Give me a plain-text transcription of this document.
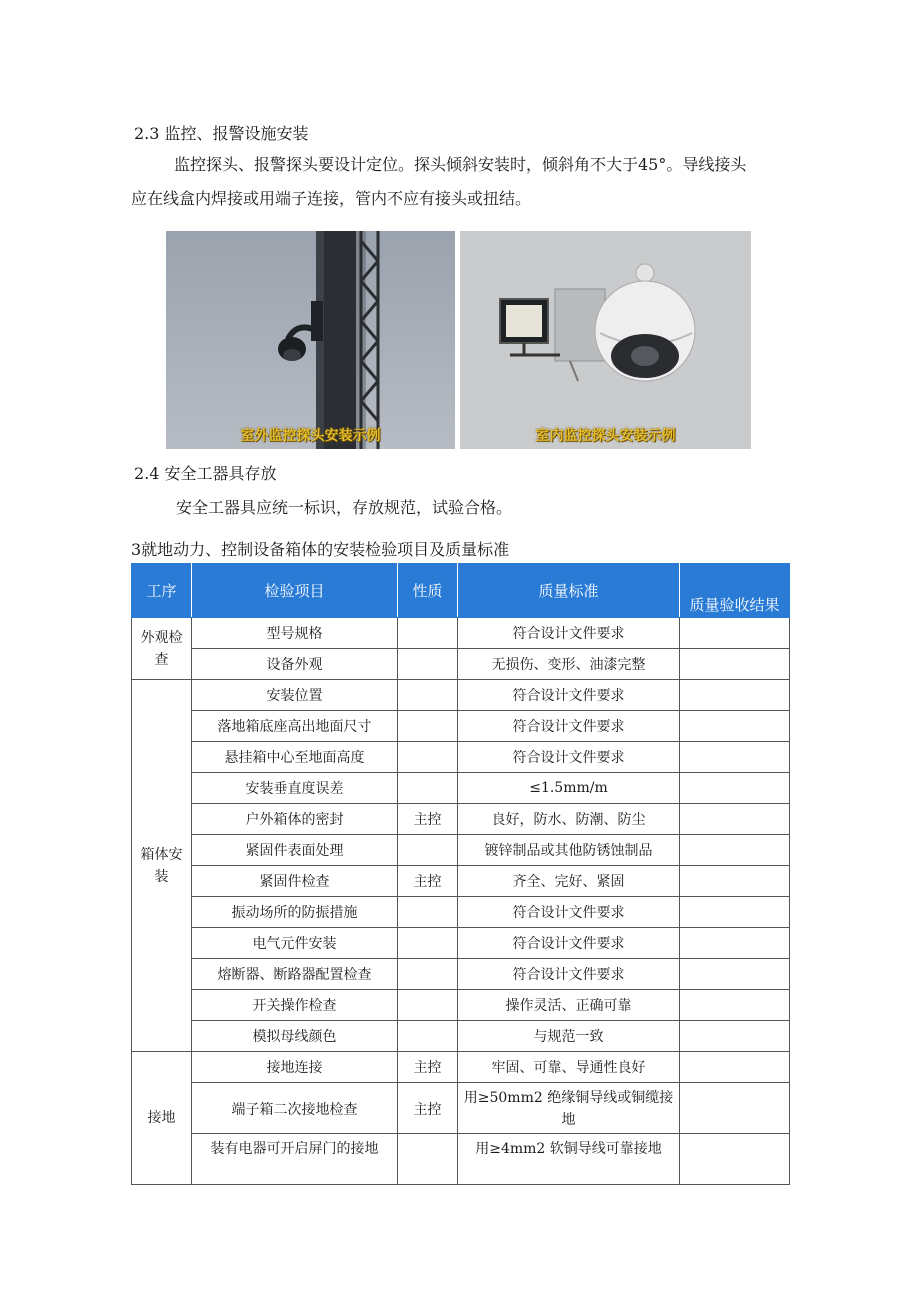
2.3 监控、报警设施安装
监控探头、报警探头要设计定位。探头倾斜安装时，倾斜角不大于45°。导线接头
应在线盒内焊接或用端子连接，管内不应有接头或扭结。
室外监控探头安装示例	室内监控探头安装示例
2.4 安全工器具存放
安全工器具应统一标识，存放规范，试验合格。
3就地动力、控制设备箱体的安装检验项目及质量标准
工序	检验项目	性质	质量标准	质量验收结果
外观检查	型号规格		符合设计文件要求	
	设备外观		无损伤、变形、油漆完整	
箱体安装	安装位置		符合设计文件要求	
	落地箱底座高出地面尺寸		符合设计文件要求	
	悬挂箱中心至地面高度		符合设计文件要求	
	安装垂直度误差		≤1.5mm/m	
	户外箱体的密封	主控	良好，防水、防潮、防尘	
	紧固件表面处理		镀锌制品或其他防锈蚀制品	
	紧固件检查	主控	齐全、完好、紧固	
	振动场所的防振措施		符合设计文件要求	
	电气元件安装		符合设计文件要求	
	熔断器、断路器配置检查		符合设计文件要求	
	开关操作检查		操作灵活、正确可靠	
	模拟母线颜色		与规范一致	
接地	接地连接	主控	牢固、可靠、导通性良好	
	端子箱二次接地检查	主控	用≥50mm2 绝缘铜导线或铜缆接地	
	装有电器可开启屏门的接地		用≥4mm2 软铜导线可靠接地	
